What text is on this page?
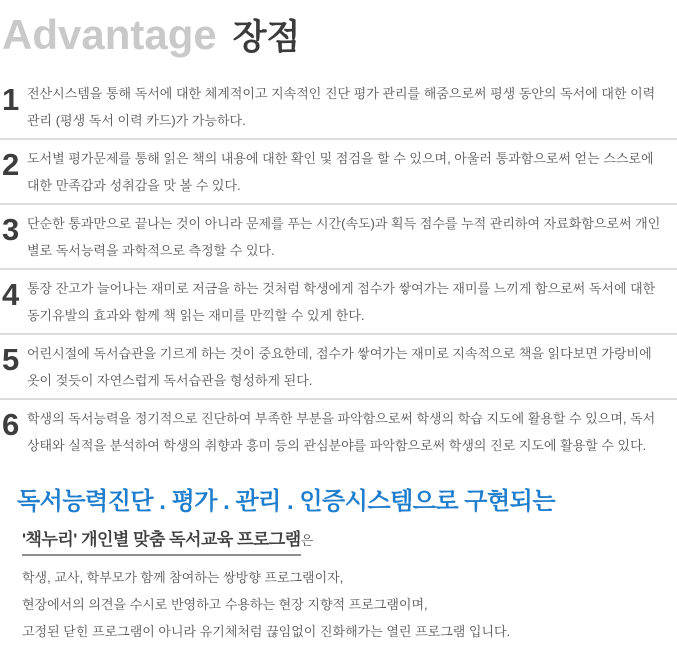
Advantage 장점
1 전산시스템을 통해 독서에 대한 체계적이고 지속적인 진단 평가 관리를 해줌으로써 평생 동안의 독서에 대한 이력 관리 (평생 독서 이력 카드)가 가능하다.
2 도서별 평가문제를 통해 읽은 책의 내용에 대한 확인 및 점검을 할 수 있으며, 아울러 통과함으로써 얻는 스스로에 대한 만족감과 성취감을 맛 볼 수 있다.
3 단순한 통과만으로 끝나는 것이 아니라 문제를 푸는 시간(속도)과 획득 점수를 누적 관리하여 자료화함으로써 개인별로 독서능력을 과학적으로 측정할 수 있다.
4 통장 잔고가 늘어나는 재미로 저금을 하는 것처럼 학생에게 점수가 쌓여가는 재미를 느끼게 함으로써 독서에 대한 동기유발의 효과와 함께 책 읽는 재미를 만끽할 수 있게 한다.
5 어린시절에 독서습관을 기르게 하는 것이 중요한데, 점수가 쌓여가는 재미로 지속적으로 책을 읽다보면 가랑비에 옷이 젖듯이 자연스럽게 독서습관을 형성하게 된다.
6 학생의 독서능력을 정기적으로 진단하여 부족한 부분을 파악함으로써 학생의 학습 지도에 활용할 수 있으며, 독서 상태와 실적을 분석하여 학생의 취향과 흥미 등의 관심분야를 파악함으로써 학생의 진로 지도에 활용할 수 있다.
독서능력진단 . 평가 . 관리 . 인증시스템으로 구현되는
'책누리' 개인별 맞춤 독서교육 프로그램은
학생, 교사, 학부모가 함께 참여하는 쌍방향 프로그램이자,
현장에서의 의견을 수시로 반영하고 수용하는 현장 지향적 프로그램이며,
고정된 닫힌 프로그램이 아니라 유기체처럼 끊임없이 진화해가는 열린 프로그램 입니다.
